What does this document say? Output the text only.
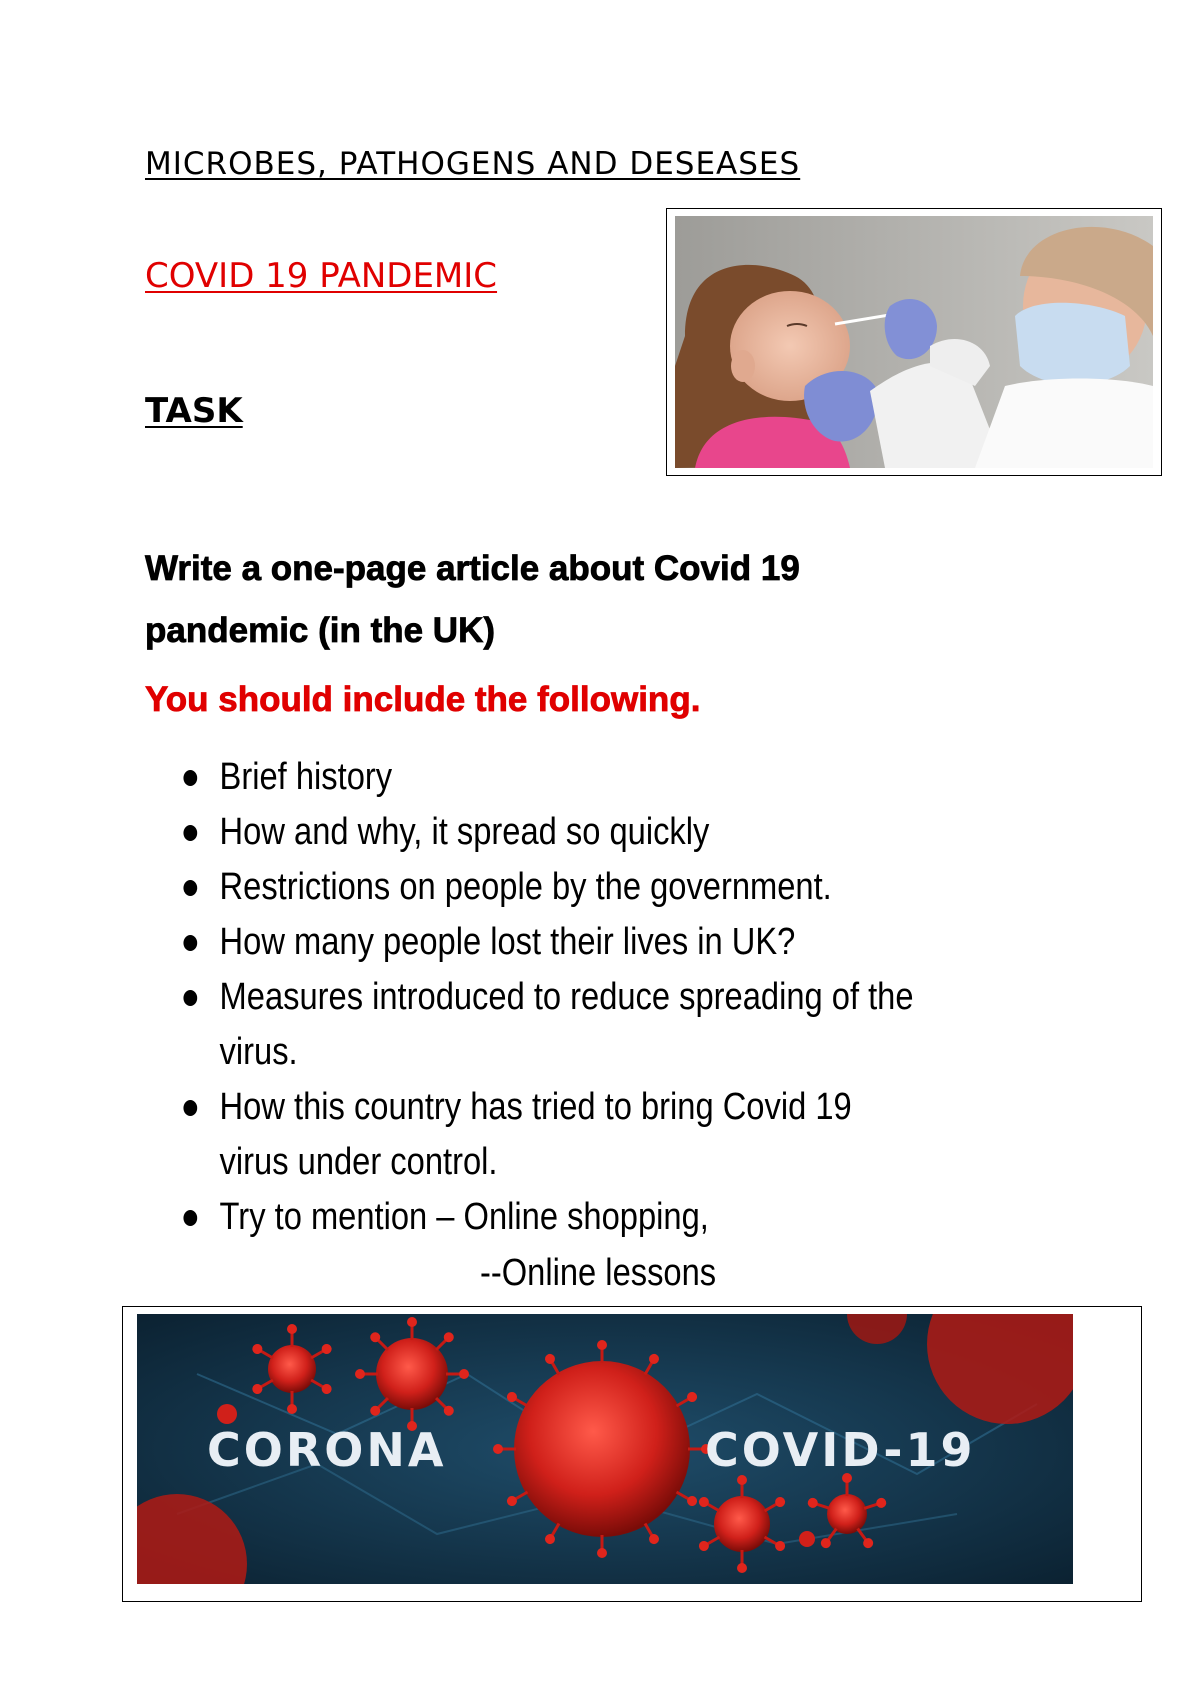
MICROBES, PATHOGENS AND DESEASES
COVID 19 PANDEMIC
TASK
Write a one-page article about Covid 19
pandemic (in the UK)
You should include the following.
Brief history
How and why, it spread so quickly
Restrictions on people by the government.
How many people lost their lives in UK?
Measures introduced to reduce spreading of the
virus.
How this country has tried to bring Covid 19
virus under control.
Try to mention – Online shopping,
--Online lessons
CORONA	COVID-19
